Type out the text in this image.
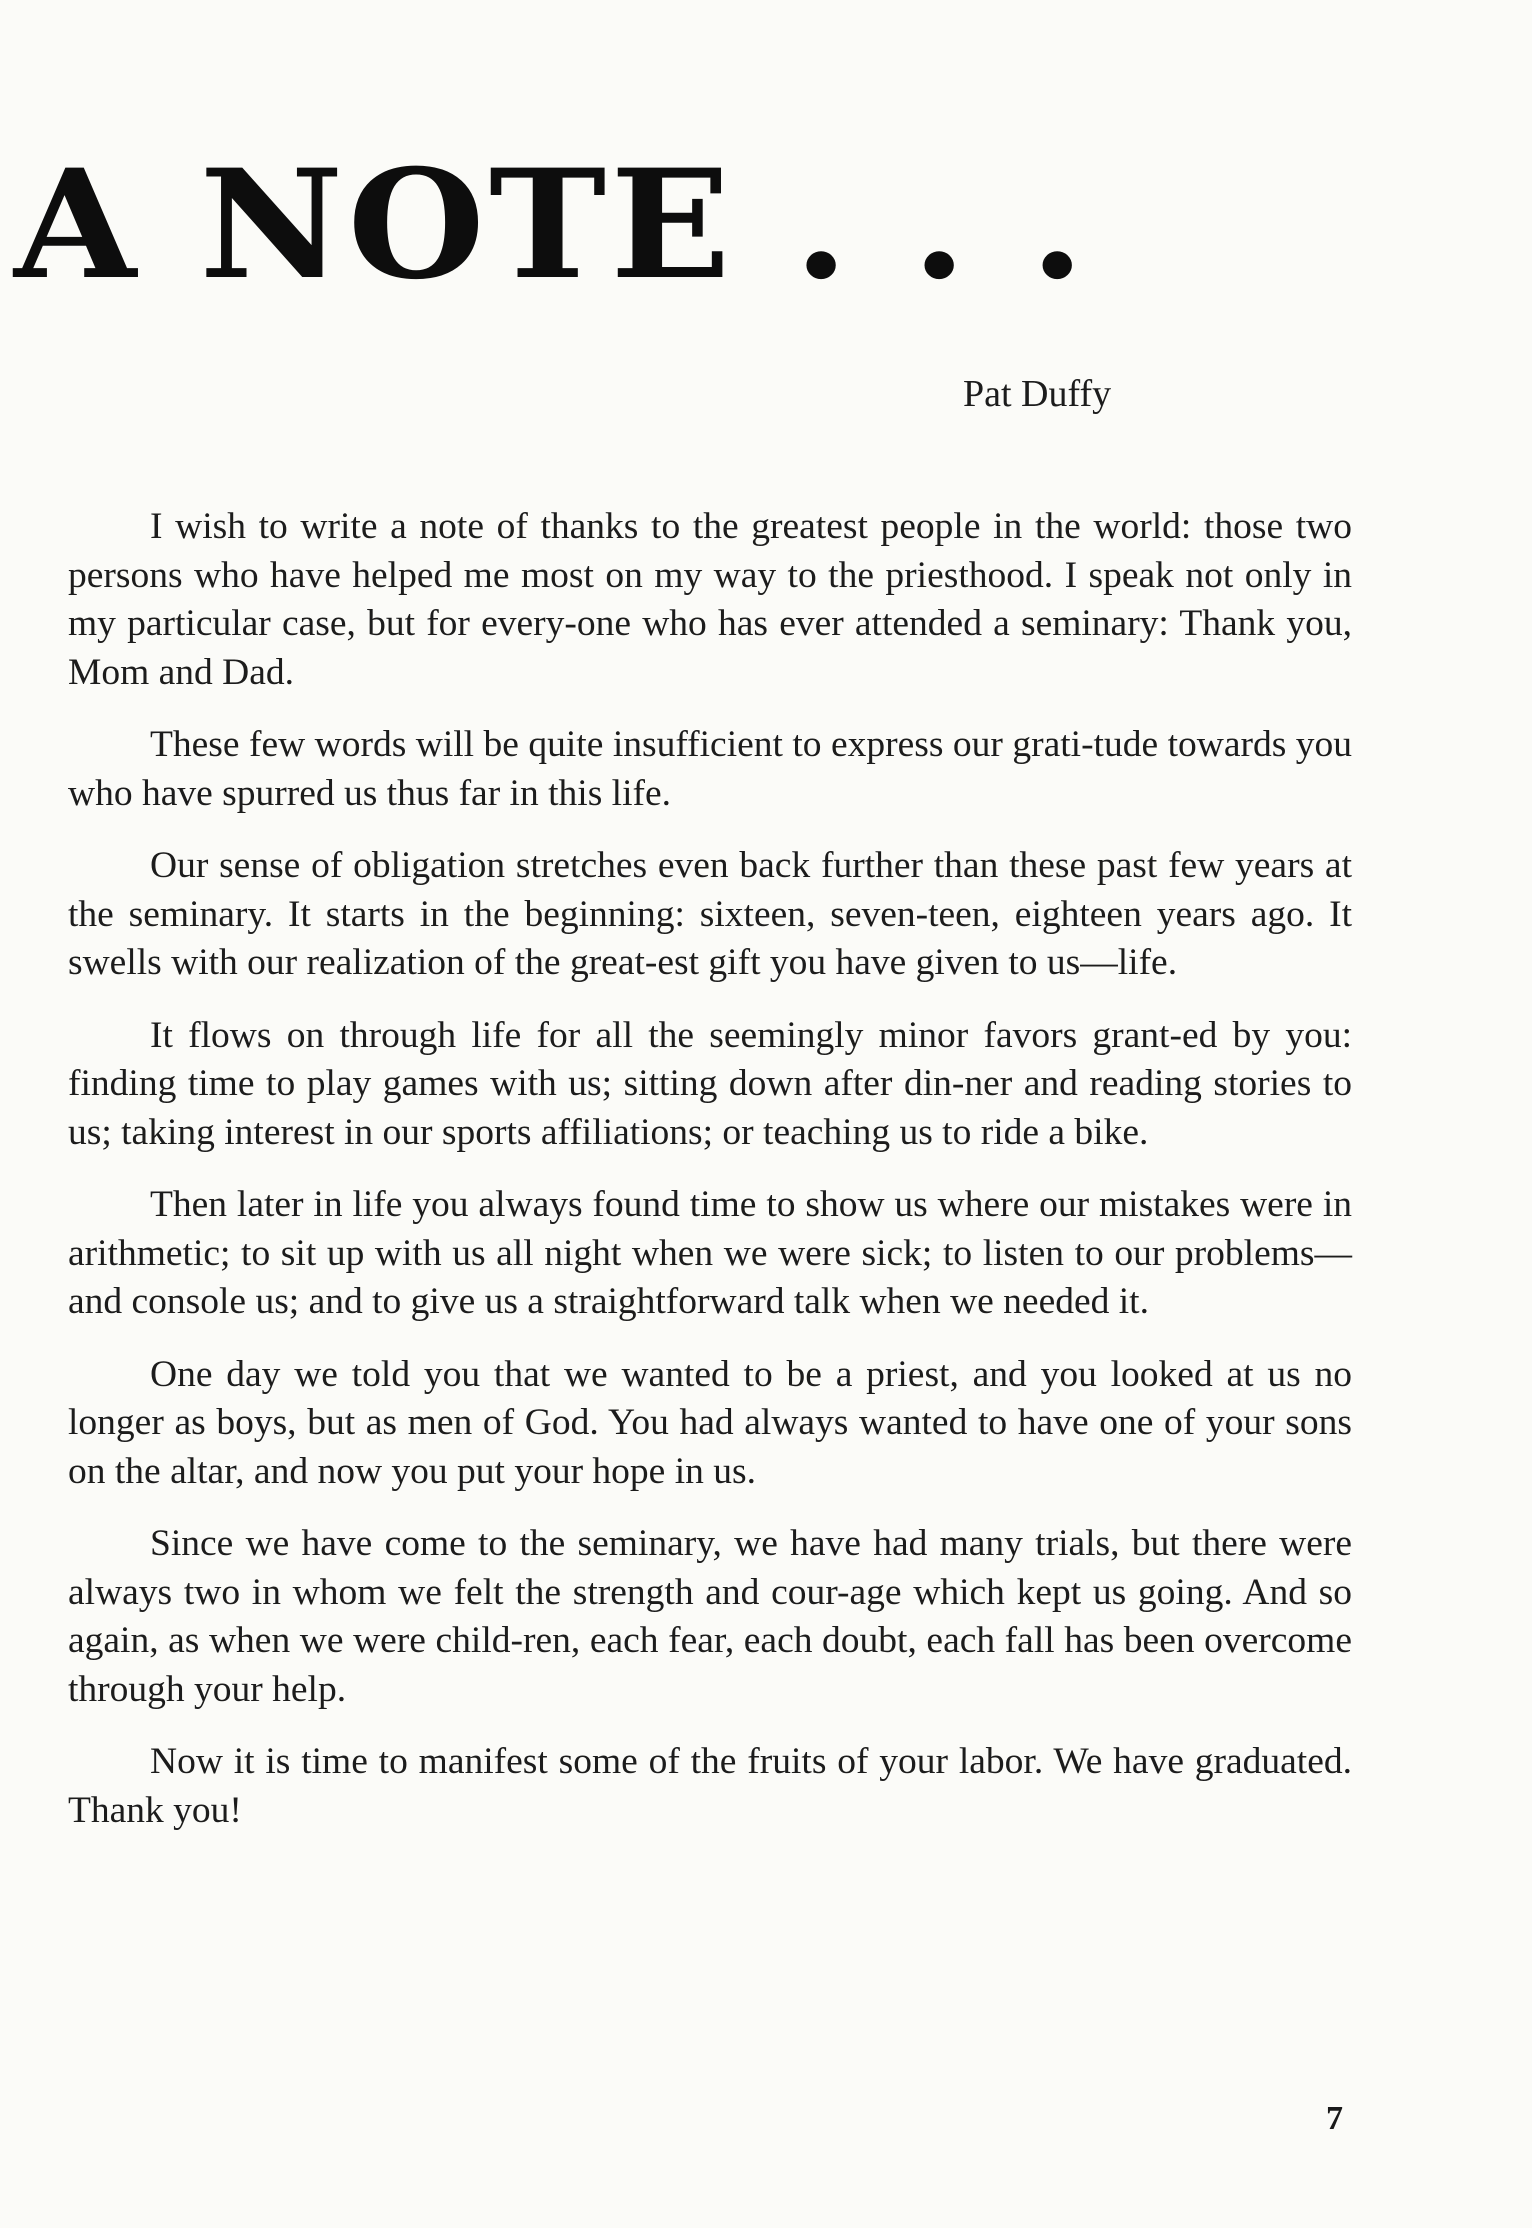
A NOTE . . .
Pat Duffy

I wish to write a note of thanks to the greatest people in the world: those two persons who have helped me most on my way to the priesthood. I speak not only in my particular case, but for every-one who has ever attended a seminary: Thank you, Mom and Dad.

These few words will be quite insufficient to express our grati-tude towards you who have spurred us thus far in this life.

Our sense of obligation stretches even back further than these past few years at the seminary. It starts in the beginning: sixteen, seven-teen, eighteen years ago. It swells with our realization of the great-est gift you have given to us—life.

It flows on through life for all the seemingly minor favors grant-ed by you: finding time to play games with us; sitting down after din-ner and reading stories to us; taking interest in our sports affiliations; or teaching us to ride a bike.

Then later in life you always found time to show us where our mistakes were in arithmetic; to sit up with us all night when we were sick; to listen to our problems—and console us; and to give us a straightforward talk when we needed it.

One day we told you that we wanted to be a priest, and you looked at us no longer as boys, but as men of God. You had always wanted to have one of your sons on the altar, and now you put your hope in us.

Since we have come to the seminary, we have had many trials, but there were always two in whom we felt the strength and cour-age which kept us going. And so again, as when we were child-ren, each fear, each doubt, each fall has been overcome through your help.

Now it is time to manifest some of the fruits of your labor. We have graduated. Thank you!

7
